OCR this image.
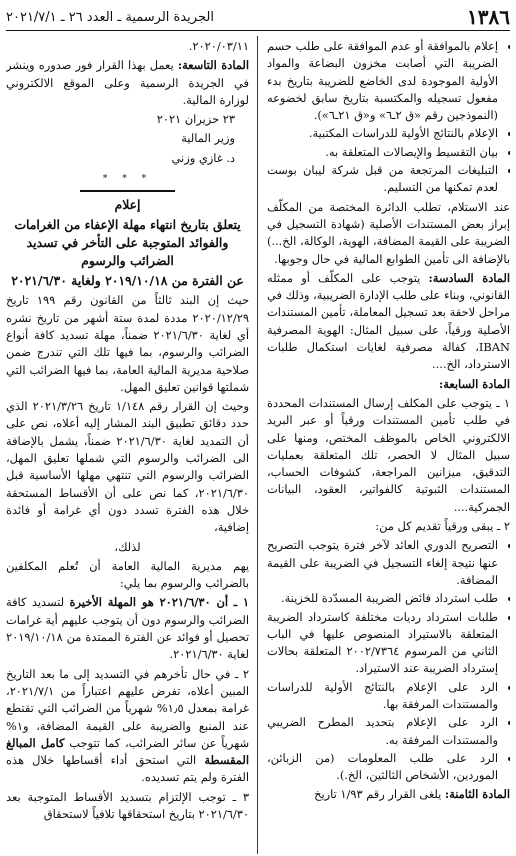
١٣٨٦
الجريدة الرسمية ـ العدد ٢٦ ـ ٢٠٢١/٧/١
• إعلام بالموافقة أو عدم الموافقة على طلب حسم الضريبة التي أصابت مخزون البضاعة والمواد الأولية الموجودة لدى الخاضع للضريبة بتاريخ بدء مفعول تسجيله والمكتسبة بتاريخ سابق لخضوعه (النموذجين رقم «ق ٢ـ٦» و«ق ٢١ـ٦»).
• الإعلام بالنتائج الأولية للدراسات المكتبية.
• بيان التقسيط والإيصالات المتعلقة به.
• التبليغات المرتجعة من قبل شركة ليبان بوست لعدم تمكنها من التسليم.

عند الاستلام، تطلب الدائرة المختصة من المكلّف إبراز بعض المستندات الأصلية (شهادة التسجيل في الضريبة على القيمة المضافة، الهوية، الوكالة، الخ...) بالإضافة الى تأمين الطوابع المالية في حال وجوبها.

المادة السادسة: يتوجب على المكلّف أو ممثله القانوني، وبناء على طلب الإدارة الضريبية، وذلك في مراحل لاحقة بعد تسجيل المعاملة، تأمين المستندات الأصلية ورقياً، على سبيل المثال: الهوية المصرفية IBAN، كفالة مصرفية لغايات استكمال طلبات الاسترداد، الخ....

المادة السابعة:

١ ـ يتوجب على المكلف إرسال المستندات المحددة في طلب تأمين المستندات ورقياً أو عبر البريد الالكتروني الخاص بالموظف المختص، ومنها على سبيل المثال لا الحصر، تلك المتعلقة بعمليات التدقيق، ميزانين المراجعة، كشوفات الحساب، المستندات الثبوتية كالفواتير، العقود، البيانات الجمركية....

٢ ـ يبقى ورقياً تقديم كل من:

• التصريح الدوري العائد لآخر فترة يتوجب التصريح عنها نتيجة إلغاء التسجيل في الضريبة على القيمة المضافة.
• طلب استرداد فائض الضريبة المسدّدة للخزينة.
• طلبات استرداد رديات مختلفة كاسترداد الضريبة المتعلقة بالاستيراد المنصوص عليها في الباب الثاني من المرسوم ٢٠٠٢/٧٣٦٤ المتعلقة بحالات إسترداد الضريبة عند الاستيراد.
• الرد على الإعلام بالنتائج الأولية للدراسات والمستندات المرفقة بها.
• الرد على الإعلام بتحديد المطرح الضريبي والمستندات المرفقة به.
• الرد على طلب المعلومات (من الزبائن، الموردين، الأشخاص الثالثين، الخ.).

المادة الثامنة: يلغى القرار رقم ١/٩٣ تاريخ

٢٠٢٠/٠٣/١١.

المادة التاسعة: يعمل بهذا القرار فور صدوره وينشر في الجريدة الرسمية وعلى الموقع الالكتروني لوزارة المالية.

٢٣ حزيران ٢٠٢١

وزير المالية

د. غازي وزني

* * *

إعلام

يتعلق بتاريخ انتهاء مهلة الإعفاء من الغرامات والفوائد المتوجبة على التأخر في تسديد الضرائب والرسوم

عن الفترة من ٢٠١٩/١٠/١٨ ولغاية ٢٠٢١/٦/٣٠

حيث إن البند ثالثاً من القانون رقم ١٩٩ تاريخ ٢٠٢٠/١٢/٢٩ مددة لمدة ستة أشهر من تاريخ نشره أي لغاية ٢٠٢١/٦/٣٠ ضمناً، مهلة تسديد كافة أنواع الضرائب والرسوم، بما فيها تلك التي تندرج ضمن صلاحية مديرية المالية العامة، بما فيها الضرائب التي شملتها قوانين تعليق المهل.

وحيث إن القرار رقم ١/١٤٨ تاريخ ٢٠٢١/٣/٢٦ الذي حدد دقائق تطبيق البند المشار إليه أعلاه، نص على أن التمديد لغاية ٢٠٢١/٦/٣٠ ضمناً، يشمل بالإضافة الى الضرائب والرسوم التي شملها تعليق المهل، الضرائب والرسوم التي تنتهي مهلها الأساسية قبل ٢٠٢١/٦/٣٠، كما نص على أن الأقساط المستحقة خلال هذه الفترة تسدد دون أي غرامة أو فائدة إضافية،

لذلك،

يهم مديرية المالية العامة أن تُعلم المكلفين بالضرائب والرسوم بما يلي:

١ ـ أن ٢٠٢١/٦/٣٠ هو المهلة الأخيرة لتسديد كافة الضرائب والرسوم دون أن يتوجب عليهم أية غرامات تحصيل أو فوائد عن الفترة الممتدة من ٢٠١٩/١٠/١٨ لغاية ٢٠٢١/٦/٣٠.

٢ ـ في حال تأخرهم في التسديد إلى ما بعد التاريخ المبين أعلاه، تفرض عليهم اعتباراً من ٢٠٢١/٧/١، غرامة بمعدل ١٫٥% شهرياً من الضرائب التي تقتطع عند المنبع والضريبة على القيمة المضافة، و١% شهرياً عن سائر الضرائب، كما تتوجب كامل المبالغ المقسطة التي استحق أداء أقساطها خلال هذه الفترة ولم يتم تسديده.

٣ ـ توجب الإلتزام بتسديد الأقساط المتوجبة بعد ٢٠٢١/٦/٣٠ بتاريخ استحقاقها تلافياً لاستحقاق
